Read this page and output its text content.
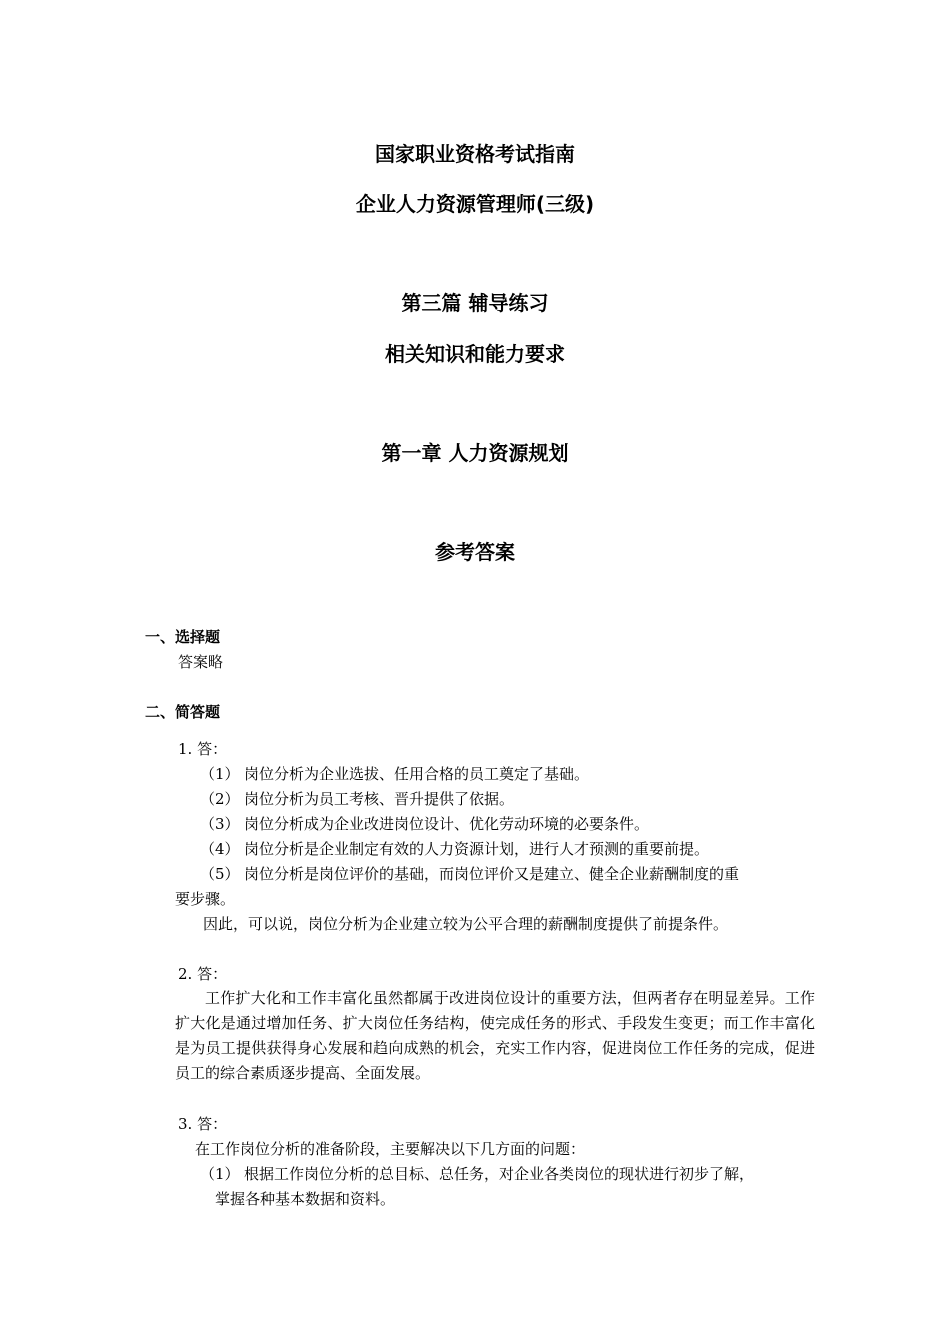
国家职业资格考试指南
企业人力资源管理师(三级)
第三篇 辅导练习
相关知识和能力要求
第一章 人力资源规划
参考答案
一、选择题
答案略
二、简答题
1. 答：
（1） 岗位分析为企业选拔、任用合格的员工奠定了基础。
（2） 岗位分析为员工考核、晋升提供了依据。
（3） 岗位分析成为企业改进岗位设计、优化劳动环境的必要条件。
（4） 岗位分析是企业制定有效的人力资源计划，进行人才预测的重要前提。
（5） 岗位分析是岗位评价的基础，而岗位评价又是建立、健全企业薪酬制度的重
要步骤。
因此，可以说，岗位分析为企业建立较为公平合理的薪酬制度提供了前提条件。
2. 答：
工作扩大化和工作丰富化虽然都属于改进岗位设计的重要方法，但两者存在明显差异。工作扩大化是通过增加任务、扩大岗位任务结构，使完成任务的形式、手段发生变更；而工作丰富化是为员工提供获得身心发展和趋向成熟的机会，充实工作内容，促进岗位工作任务的完成，促进员工的综合素质逐步提高、全面发展。
3. 答：
在工作岗位分析的准备阶段，主要解决以下几方面的问题：
（1） 根据工作岗位分析的总目标、总任务，对企业各类岗位的现状进行初步了解，
掌握各种基本数据和资料。
